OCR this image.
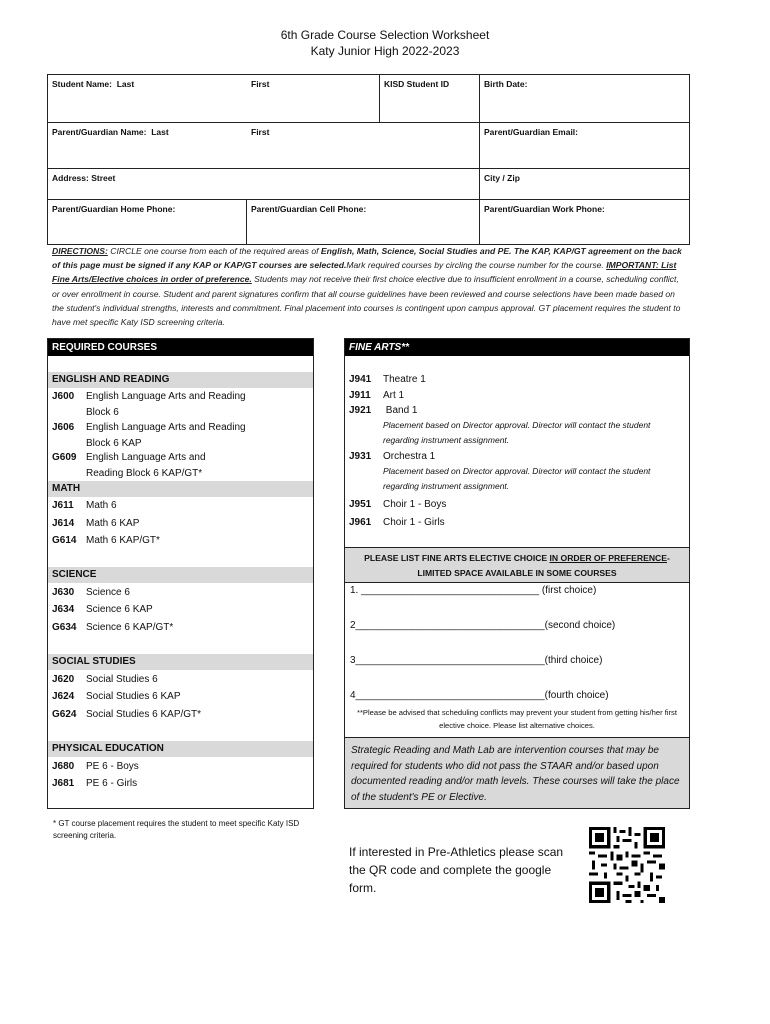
6th Grade Course Selection Worksheet
Katy Junior High 2022-2023
Student Name: Last First		KISD Student ID	Birth Date:

Parent/Guardian Name: Last First			Parent/Guardian Email:
Address: Street			City / Zip
Parent/Guardian Home Phone:	Parent/Guardian Cell Phone:		Parent/Guardian Work Phone:
DIRECTIONS: CIRCLE one course from each of the required areas of English, Math, Science, Social Studies and PE. The KAP, KAP/GT agreement on the back of this page must be signed if any KAP or KAP/GT courses are selected.Mark required courses by circling the course number for the course. IMPORTANT: List Fine Arts/Elective choices in order of preference. Students may not receive their first choice elective due to insufficient enrollment in a course, scheduling conflict, or over enrollment in course. Student and parent signatures confirm that all course guidelines have been reviewed and course selections have been made based on the student's individual strengths, interests and commitment. Final placement into courses is contingent upon campus approval. GT placement requires the student to have met specific Katy ISD screening criteria.
REQUIRED COURSES
ENGLISH AND READING
J600 English Language Arts and Reading Block 6
J606 English Language Arts and Reading Block 6 KAP
G609 English Language Arts and Reading Block 6 KAP/GT*
MATH
J611 Math 6
J614 Math 6 KAP
G614 Math 6 KAP/GT*
SCIENCE
J630 Science 6
J634 Science 6 KAP
G634 Science 6 KAP/GT*
SOCIAL STUDIES
J620 Social Studies 6
J624 Social Studies 6 KAP
G624 Social Studies 6 KAP/GT*
PHYSICAL EDUCATION
J680 PE 6 - Boys
J681 PE 6 - Girls
FINE ARTS**
J941 Theatre 1
J911 Art 1
J921 Band 1
Placement based on Director approval. Director will contact the student regarding instrument assignment.
J931 Orchestra 1
Placement based on Director approval. Director will contact the student regarding instrument assignment.
J951 Choir 1 - Boys
J961 Choir 1 - Girls
PLEASE LIST FINE ARTS ELECTIVE CHOICE IN ORDER OF PREFERENCE-
LIMITED SPACE AVAILABLE IN SOME COURSES
1. ________________________________ (first choice)
2__________________________________(second choice)
3__________________________________(third choice)
4__________________________________(fourth choice)
**Please be advised that scheduling conflicts may prevent your student from getting his/her first elective choice. Please list alternative choices.
Strategic Reading and Math Lab are intervention courses that may be required for students who did not pass the STAAR and/or based upon documented reading and/or math levels. These courses will take the place of the student's PE or Elective.
* GT course placement requires the student to meet specific Katy ISD screening criteria.
If interested in Pre-Athletics please scan the QR code and complete the google form.
